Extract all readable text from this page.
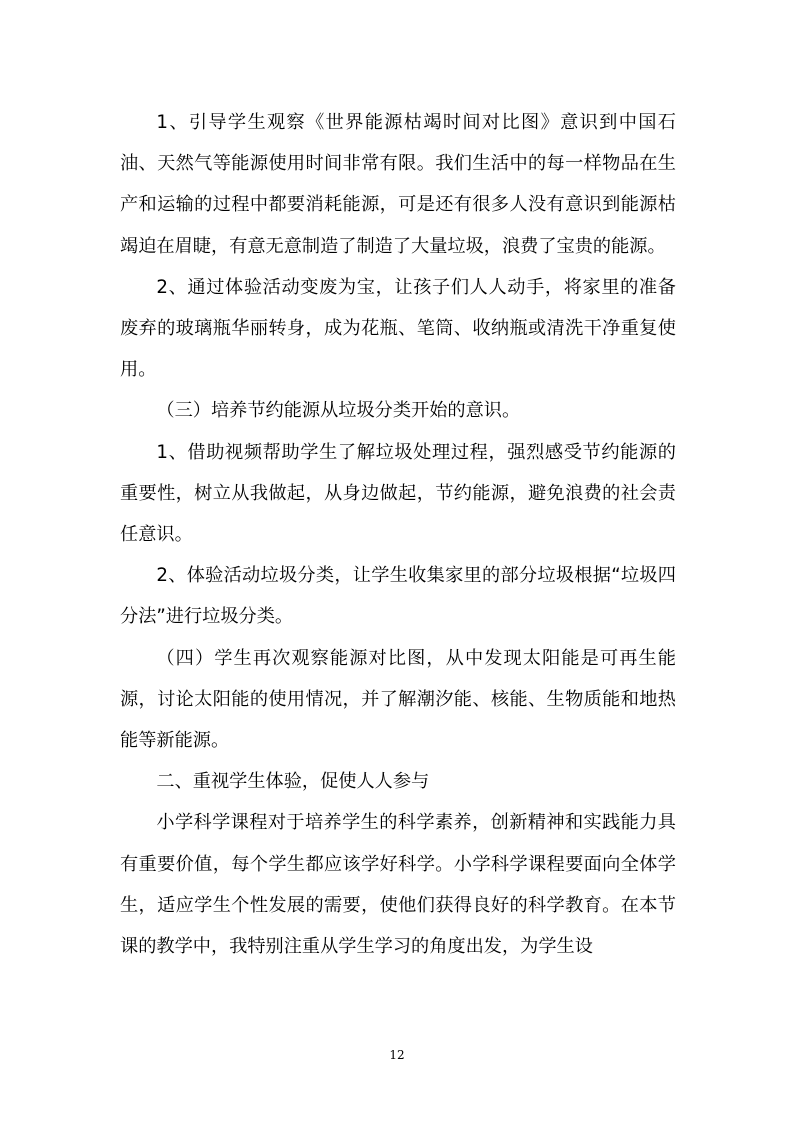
1、引导学生观察《世界能源枯竭时间对比图》意识到中国石油、天然气等能源使用时间非常有限。我们生活中的每一样物品在生产和运输的过程中都要消耗能源，可是还有很多人没有意识到能源枯竭迫在眉睫，有意无意制造了制造了大量垃圾，浪费了宝贵的能源。

2、通过体验活动变废为宝，让孩子们人人动手，将家里的准备废弃的玻璃瓶华丽转身，成为花瓶、笔筒、收纳瓶或清洗干净重复使用。

（三）培养节约能源从垃圾分类开始的意识。

1、借助视频帮助学生了解垃圾处理过程，强烈感受节约能源的重要性，树立从我做起，从身边做起，节约能源，避免浪费的社会责任意识。

2、体验活动垃圾分类，让学生收集家里的部分垃圾根据“垃圾四分法”进行垃圾分类。

（四）学生再次观察能源对比图，从中发现太阳能是可再生能源，讨论太阳能的使用情况，并了解潮汐能、核能、生物质能和地热能等新能源。

二、重视学生体验，促使人人参与

小学科学课程对于培养学生的科学素养，创新精神和实践能力具有重要价值，每个学生都应该学好科学。小学科学课程要面向全体学生，适应学生个性发展的需要，使他们获得良好的科学教育。在本节课的教学中，我特别注重从学生学习的角度出发，为学生设

12
